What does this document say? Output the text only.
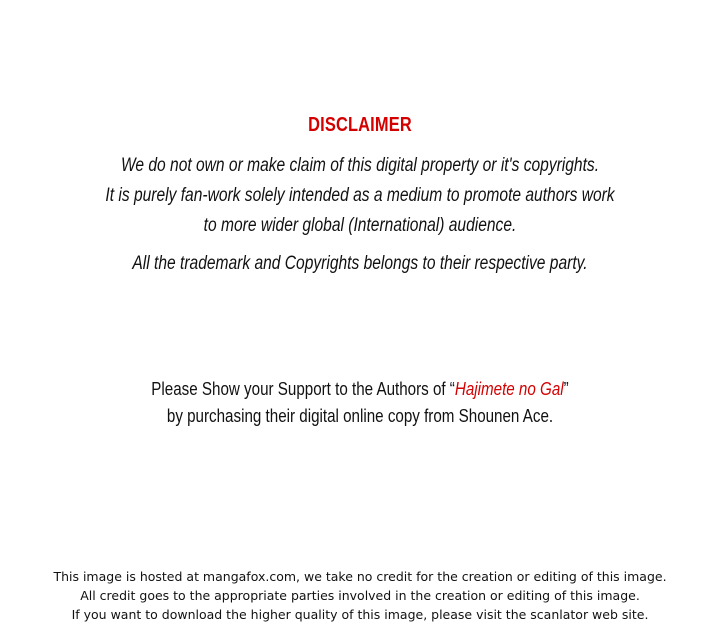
DISCLAIMER
We do not own or make claim of this digital property or it's copyrights.
It is purely fan-work solely intended as a medium to promote authors work
to more wider global (International) audience.
All the trademark and Copyrights belongs to their respective party.
Please Show your Support to the Authors of “Hajimete no Gal”
by purchasing their digital online copy from Shounen Ace.
This image is hosted at mangafox.com, we take no credit for the creation or editing of this image.
All credit goes to the appropriate parties involved in the creation or editing of this image.
If you want to download the higher quality of this image, please visit the scanlator web site.
